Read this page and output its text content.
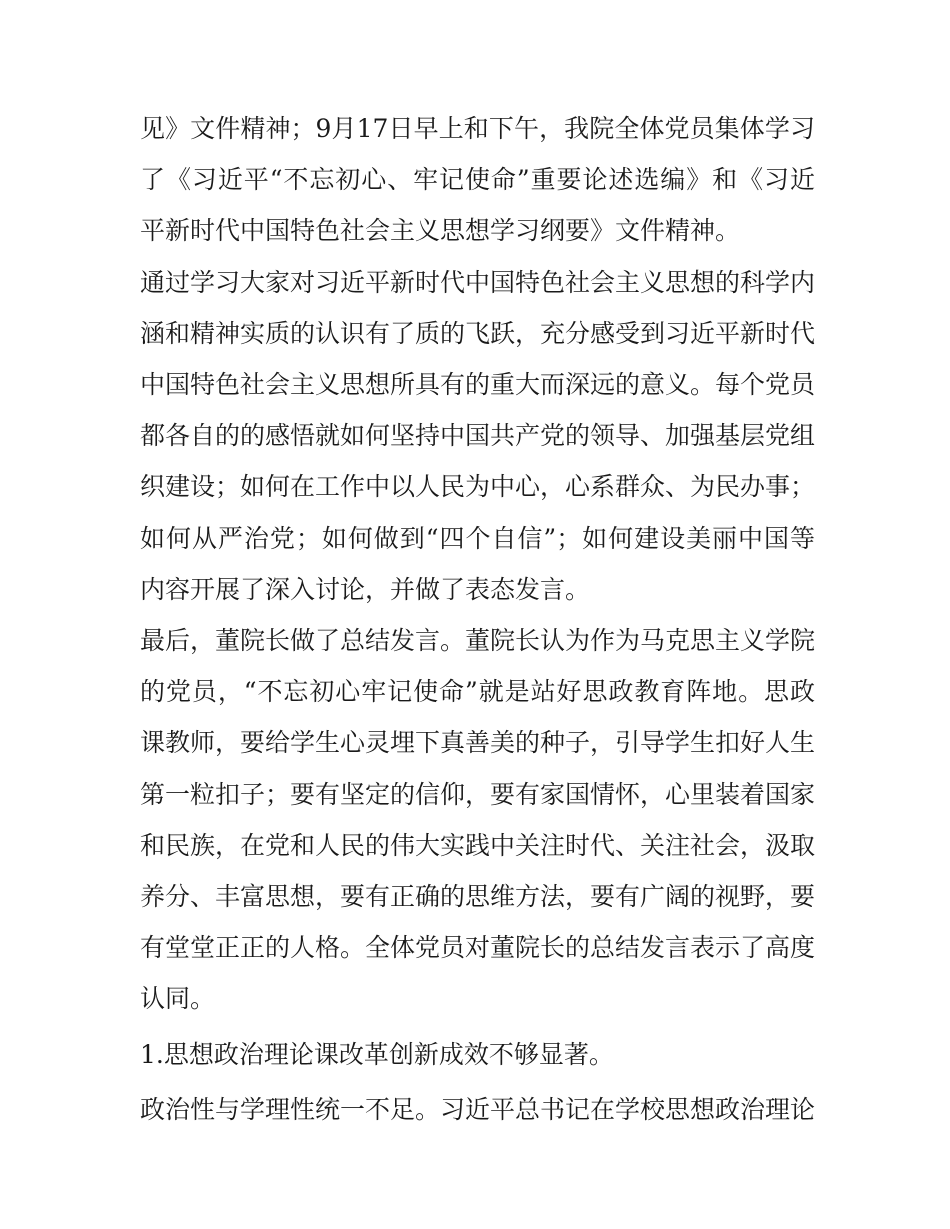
见》文件精神；9月17日早上和下午，我院全体党员集体学习了《习近平“不忘初心、牢记使命”重要论述选编》和《习近平新时代中国特色社会主义思想学习纲要》文件精神。

通过学习大家对习近平新时代中国特色社会主义思想的科学内涵和精神实质的认识有了质的飞跃，充分感受到习近平新时代中国特色社会主义思想所具有的重大而深远的意义。每个党员都各自的的感悟就如何坚持中国共产党的领导、加强基层党组织建设；如何在工作中以人民为中心，心系群众、为民办事；如何从严治党；如何做到“四个自信”；如何建设美丽中国等内容开展了深入讨论，并做了表态发言。

最后，董院长做了总结发言。董院长认为作为马克思主义学院的党员，“不忘初心牢记使命”就是站好思政教育阵地。思政课教师，要给学生心灵埋下真善美的种子，引导学生扣好人生第一粒扣子；要有坚定的信仰，要有家国情怀，心里装着国家和民族，在党和人民的伟大实践中关注时代、关注社会，汲取养分、丰富思想，要有正确的思维方法，要有广阔的视野，要有堂堂正正的人格。全体党员对董院长的总结发言表示了高度认同。

1.思想政治理论课改革创新成效不够显著。

政治性与学理性统一不足。习近平总书记在学校思想政治理论
